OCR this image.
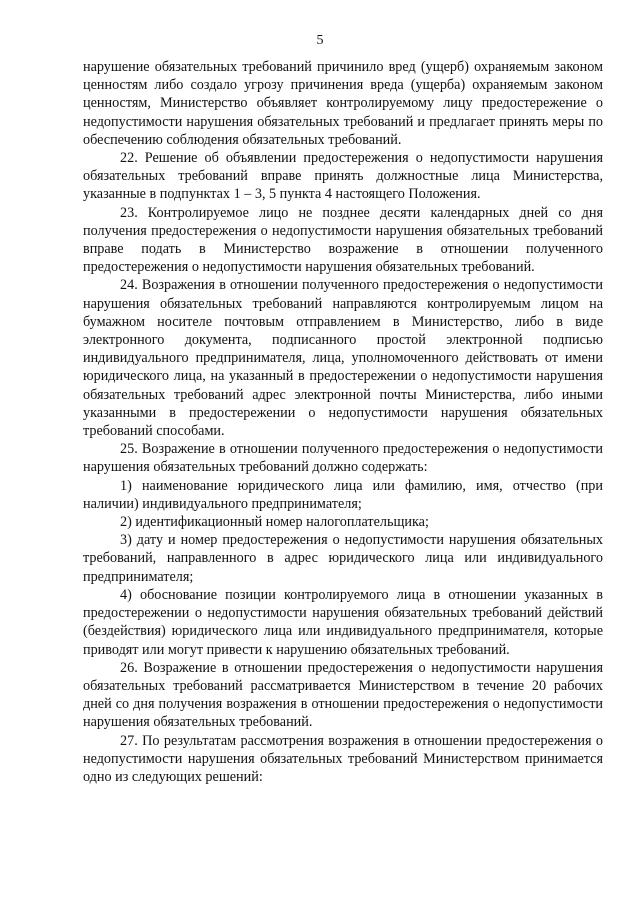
5

нарушение обязательных требований причинило вред (ущерб) охраняемым законом ценностям либо создало угрозу причинения вреда (ущерба) охраняемым законом ценностям, Министерство объявляет контролируемому лицу предостережение о недопустимости нарушения обязательных требований и предлагает принять меры по обеспечению соблюдения обязательных требований.

22. Решение об объявлении предостережения о недопустимости нарушения обязательных требований вправе принять должностные лица Министерства, указанные в подпунктах 1 – 3, 5 пункта 4 настоящего Положения.

23. Контролируемое лицо не позднее десяти календарных дней со дня получения предостережения о недопустимости нарушения обязательных требований вправе подать в Министерство возражение в отношении полученного предостережения о недопустимости нарушения обязательных требований.

24. Возражения в отношении полученного предостережения о недопустимости нарушения обязательных требований направляются контролируемым лицом на бумажном носителе почтовым отправлением в Министерство, либо в виде электронного документа, подписанного простой электронной подписью индивидуального предпринимателя, лица, уполномоченного действовать от имени юридического лица, на указанный в предостережении о недопустимости нарушения обязательных требований адрес электронной почты Министерства, либо иными указанными в предостережении о недопустимости нарушения обязательных требований способами.

25. Возражение в отношении полученного предостережения о недопустимости нарушения обязательных требований должно содержать:

1) наименование юридического лица или фамилию, имя, отчество (при наличии) индивидуального предпринимателя;

2) идентификационный номер налогоплательщика;

3) дату и номер предостережения о недопустимости нарушения обязательных требований, направленного в адрес юридического лица или индивидуального предпринимателя;

4) обоснование позиции контролируемого лица в отношении указанных в предостережении о недопустимости нарушения обязательных требований действий (бездействия) юридического лица или индивидуального предпринимателя, которые приводят или могут привести к нарушению обязательных требований.

26. Возражение в отношении предостережения о недопустимости нарушения обязательных требований рассматривается Министерством в течение 20 рабочих дней со дня получения возражения в отношении предостережения о недопустимости нарушения обязательных требований.

27. По результатам рассмотрения возражения в отношении предостережения о недопустимости нарушения обязательных требований Министерством принимается одно из следующих решений:
